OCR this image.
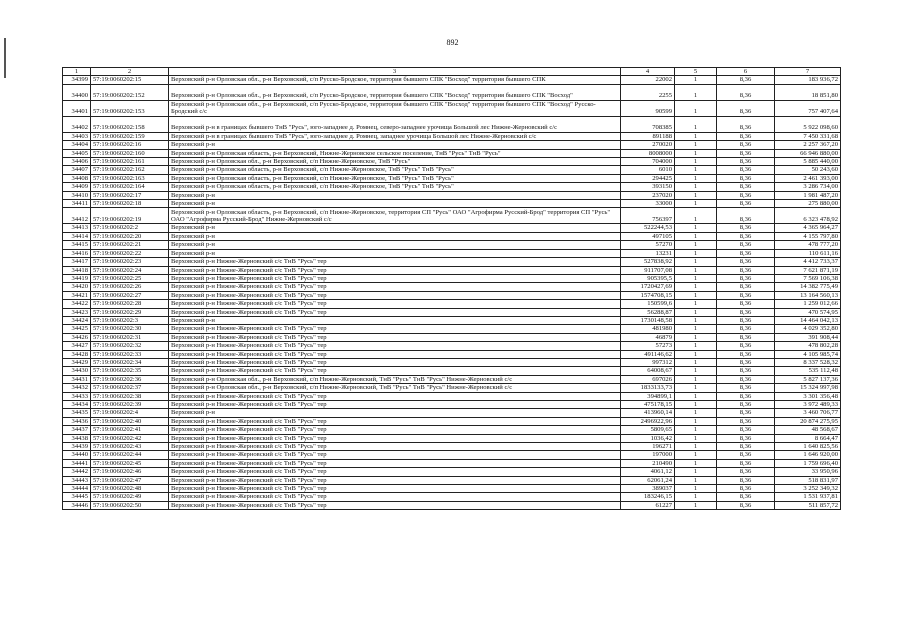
892
1	2	3	4	5	6	7
34399	57:19:0060202:15	Верховский р-н Орловская обл., р-н Верховский, с/п Русско-Бродское, территория бывшего СПК "Восход" территория бывшего СПК	22002	1	8,36	183 936,72
34400	57:19:0060202:152	Верховский р-н Орловская обл., р-н Верховский, с/п Русско-Бродское, территория бывшего СПК "Восход" территория бывшего СПК "Восход"	2255	1	8,36	18 851,80
34401	57:19:0060202:153	Верховский р-н Орловская обл., р-н Верховский, с/п Русско-Бродское, территория бывшего СПК "Восход" территория бывшего СПК "Восход" Русско-Бродский с/с	90599	1	8,36	757 407,64
34402	57:19:0060202:158	Верховский р-н в границах бывшего ТнВ "Русь", юго-западнее д. Ромнец, северо-западнее урочища Большой лес Нижне-Жерновский с/с	708385	1	8,36	5 922 098,60
34403	57:19:0060202:159	Верховский р-н в границах бывшего ТнВ "Русь", юго-западнее д. Ромнец, западнее урочища Большой лес Нижне-Жерновский с/с	891188	1	8,36	7 450 331,68
34404	57:19:0060202:16	Верховский р-н	270020	1	8,36	2 257 367,20
34405	57:19:0060202:160	Верховский р-н Орловская область, р-н Верховский, Нижне-Жерновское сельское поселение, ТнВ "Русь" ТнВ "Русь"	8008000	1	8,36	66 946 880,00
34406	57:19:0060202:161	Верховский р-н Орловская обл., р-н Верховский, с/п Нижне-Жерновское, ТнВ "Русь"	704000	1	8,36	5 885 440,00
34407	57:19:0060202:162	Верховский р-н Орловская область, р-н Верховский, с/п Нижне-Жерновское, ТнВ "Русь" ТнВ "Русь"	6010	1	8,36	50 243,60
34408	57:19:0060202:163	Верховский р-н Орловская область, р-н Верховский, с/п Нижне-Жерновское, ТнВ "Русь" ТнВ "Русь"	294425	1	8,36	2 461 393,00
34409	57:19:0060202:164	Верховский р-н Орловская область, р-н Верховский, с/п Нижне-Жерновское, ТнВ "Русь" ТнВ "Русь"	393150	1	8,36	3 286 734,00
34410	57:19:0060202:17	Верховский р-н	237020	1	8,36	1 981 487,20
34411	57:19:0060202:18	Верховский р-н	33000	1	8,36	275 880,00
34412	57:19:0060202:19	Верховский р-н Орловская область, р-н Верховский, с/п Нижне-Жерновское, территория СП "Русь" ОАО "Агрофирма Русский-Брод" территория СП "Русь" ОАО "Агрофирма Русский-Брод" Нижне-Жерновский с/с	756397	1	8,36	6 323 478,92
34413	57:19:0060202:2	Верховский р-н	522244,53	1	8,36	4 365 964,27
34414	57:19:0060202:20	Верховский р-н	497105	1	8,36	4 155 797,80
34415	57:19:0060202:21	Верховский р-н	57270	1	8,36	478 777,20
34416	57:19:0060202:22	Верховский р-н	13231	1	8,36	110 611,16
34417	57:19:0060202:23	Верховский р-н Нижне-Жерновский с/с ТнВ "Русь" тер	527838,92	1	8,36	4 412 733,37
34418	57:19:0060202:24	Верховский р-н Нижне-Жерновский с/с ТнВ "Русь" тер	911707,08	1	8,36	7 621 871,19
34419	57:19:0060202:25	Верховский р-н Нижне-Жерновский с/с ТнВ "Русь" тер	905395,5	1	8,36	7 569 106,38
34420	57:19:0060202:26	Верховский р-н Нижне-Жерновский с/с ТнВ "Русь" тер	1720427,69	1	8,36	14 382 775,49
34421	57:19:0060202:27	Верховский р-н Нижне-Жерновский с/с ТнВ "Русь" тер	1574708,15	1	8,36	13 164 560,13
34422	57:19:0060202:28	Верховский р-н Нижне-Жерновский с/с ТнВ "Русь" тер	150599,6	1	8,36	1 259 012,66
34423	57:19:0060202:29	Верховский р-н Нижне-Жерновский с/с ТнВ "Русь" тер	56288,87	1	8,36	470 574,95
34424	57:19:0060202:3	Верховский р-н	1730148,58	1	8,36	14 464 042,13
34425	57:19:0060202:30	Верховский р-н Нижне-Жерновский с/с ТнВ "Русь" тер	481980	1	8,36	4 029 352,80
34426	57:19:0060202:31	Верховский р-н Нижне-Жерновский с/с ТнВ "Русь" тер	46879	1	8,36	391 908,44
34427	57:19:0060202:32	Верховский р-н Нижне-Жерновский с/с ТнВ "Русь" тер	57273	1	8,36	478 802,28
34428	57:19:0060202:33	Верховский р-н Нижне-Жерновский с/с ТнВ "Русь" тер	491146,62	1	8,36	4 105 985,74
34429	57:19:0060202:34	Верховский р-н Нижне-Жерновский с/с ТнВ "Русь" тер	997312	1	8,36	8 337 528,32
34430	57:19:0060202:35	Верховский р-н Нижне-Жерновский с/с ТнВ "Русь" тер	64008,67	1	8,36	535 112,48
34431	57:19:0060202:36	Верховский р-н Орловская обл., р-н Верховский, с/п Нижне-Жерновский, ТнВ "Русь" ТнВ "Русь" Нижне-Жерновский с/с	697026	1	8,36	5 827 137,36
34432	57:19:0060202:37	Верховский р-н Орловская обл., р-н Верховский, с/п Нижне-Жерновский, ТнВ "Русь" ТнВ "Русь" Нижне-Жерновский с/с	1833133,73	1	8,36	15 324 997,98
34433	57:19:0060202:38	Верховский р-н Нижне-Жерновский с/с ТнВ "Русь" тер	394899,1	1	8,36	3 301 356,48
34434	57:19:0060202:39	Верховский р-н Нижне-Жерновский с/с ТнВ "Русь" тер	475178,15	1	8,36	3 972 489,33
34435	57:19:0060202:4	Верховский р-н	413960,14	1	8,36	3 460 706,77
34436	57:19:0060202:40	Верховский р-н Нижне-Жерновский с/с ТнВ "Русь" тер	2496922,96	1	8,36	20 874 275,95
34437	57:19:0060202:41	Верховский р-н Нижне-Жерновский с/с ТнВ "Русь" тер	5809,65	1	8,36	48 568,67
34438	57:19:0060202:42	Верховский р-н Нижне-Жерновский с/с ТнВ "Русь" тер	1036,42	1	8,36	8 664,47
34439	57:19:0060202:43	Верховский р-н Нижне-Жерновский с/с ТнВ "Русь" тер	196271	1	8,36	1 640 825,56
34440	57:19:0060202:44	Верховский р-н Нижне-Жерновский с/с ТнВ "Русь" тер	197000	1	8,36	1 646 920,00
34441	57:19:0060202:45	Верховский р-н Нижне-Жерновский с/с ТнВ "Русь" тер	210490	1	8,36	1 759 696,40
34442	57:19:0060202:46	Верховский р-н Нижне-Жерновский с/с ТнВ "Русь" тер	4061,12	1	8,36	33 950,96
34443	57:19:0060202:47	Верховский р-н Нижне-Жерновский с/с ТнВ "Русь" тер	62061,24	1	8,36	518 831,97
34444	57:19:0060202:48	Верховский р-н Нижне-Жерновский с/с ТнВ "Русь" тер	389037	1	8,36	3 252 349,32
34445	57:19:0060202:49	Верховский р-н Нижне-Жерновский с/с ТнВ "Русь" тер	183246,15	1	8,36	1 531 937,81
34446	57:19:0060202:50	Верховский р-н Нижне-Жерновский с/с ТнВ "Русь" тер	61227	1	8,36	511 857,72
